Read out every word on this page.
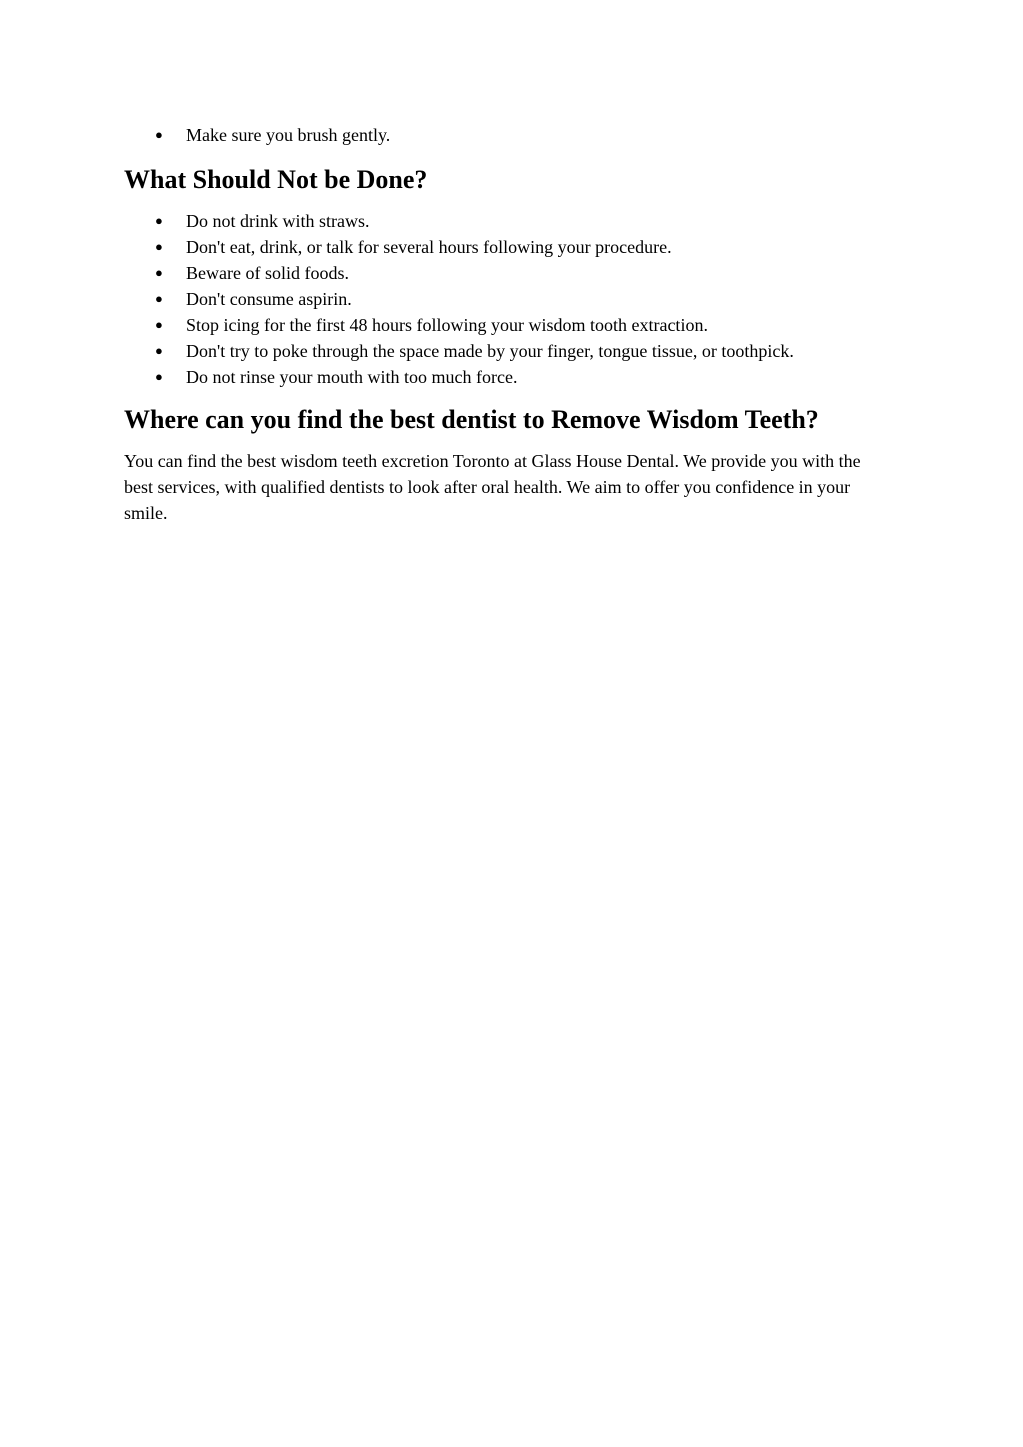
● Make sure you brush gently.
What Should Not be Done?
● Do not drink with straws.
● Don't eat, drink, or talk for several hours following your procedure.
● Beware of solid foods.
● Don't consume aspirin.
● Stop icing for the first 48 hours following your wisdom tooth extraction.
● Don't try to poke through the space made by your finger, tongue tissue, or toothpick.
● Do not rinse your mouth with too much force.
Where can you find the best dentist to Remove Wisdom Teeth?

You can find the best wisdom teeth excretion Toronto at Glass House Dental. We provide you with the best services, with qualified dentists to look after oral health. We aim to offer you confidence in your smile.
